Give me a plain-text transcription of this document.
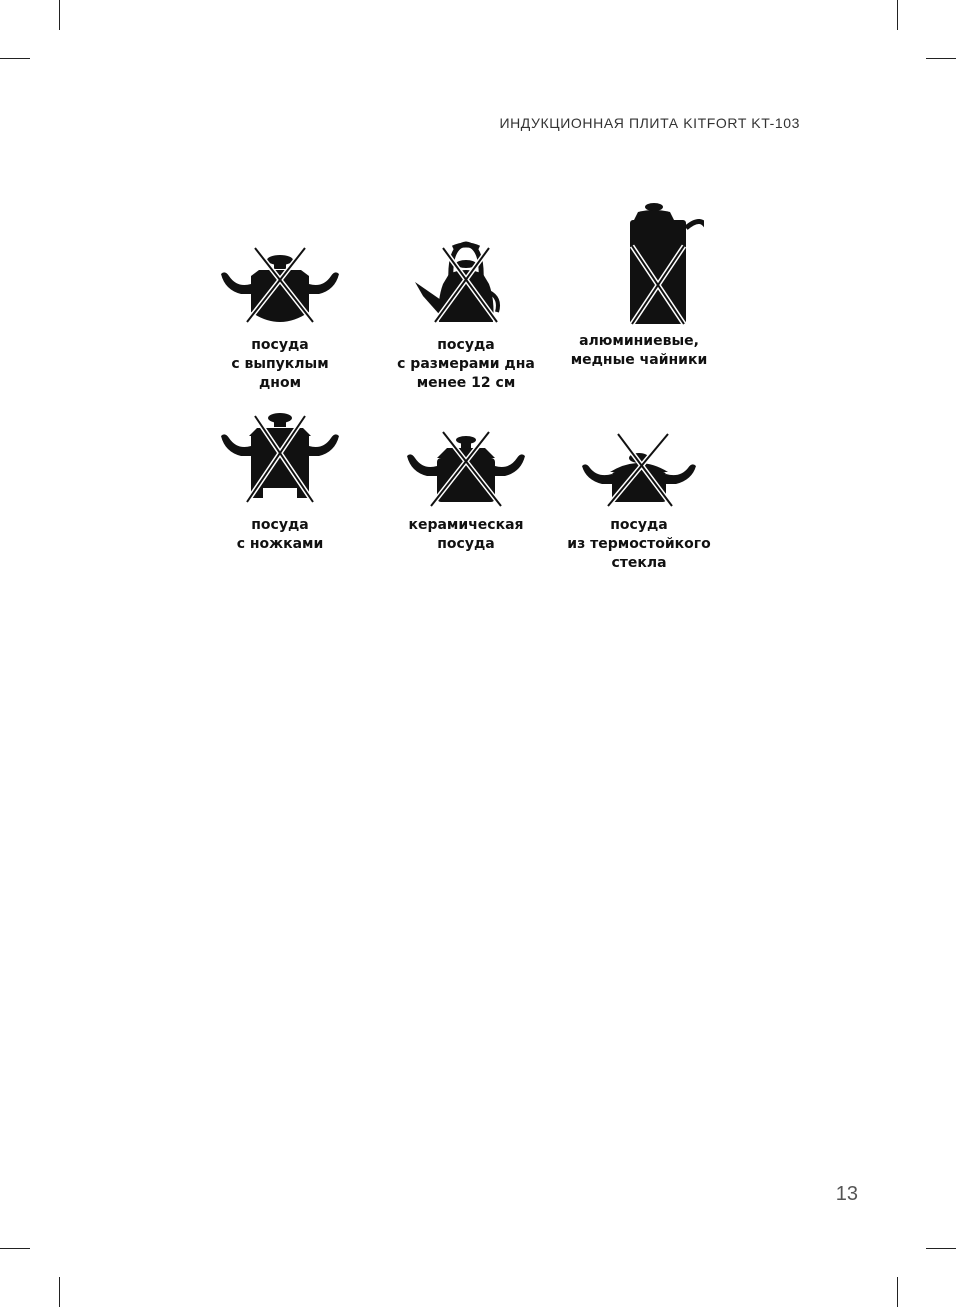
ИНДУКЦИОННАЯ ПЛИТА KITFORT KT-103
посуда
с выпуклым
дном
посуда
с размерами дна
менее 12 см
алюминиевые,
медные чайники
посуда
с ножками
керамическая
посуда
посуда
из термостойкого
стекла
13
